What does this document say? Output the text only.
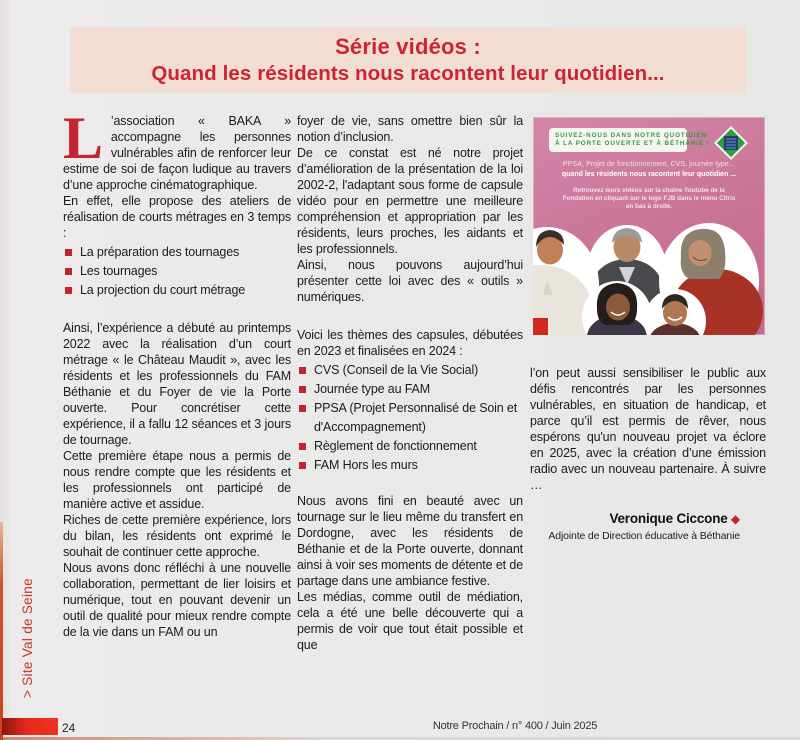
Série vidéos :
Quand les résidents nous racontent leur quotidien...

L ’association « BAKA » accompagne les personnes vulnérables afin de renforcer leur estime de soi de façon ludique au travers d’une approche cinématographique.

En effet, elle propose des ateliers de réalisation de courts métrages en 3 temps :

La préparation des tournages
Les tournages
La projection du court métrage

Ainsi, l’expérience a débuté au printemps 2022 avec la réalisation d’un court métrage « le Château Maudit », avec les résidents et les professionnels du FAM Béthanie et du Foyer de vie la Porte ouverte. Pour concrétiser cette expérience, il a fallu 12 séances et 3 jours de tournage.

Cette première étape nous a permis de nous rendre compte que les résidents et les professionnels ont participé de manière active et assidue.

Riches de cette première expérience, lors du bilan, les résidents ont exprimé le souhait de continuer cette approche.

Nous avons donc réfléchi à une nouvelle collaboration, permettant de lier loisirs et numérique, tout en pouvant devenir un outil de qualité pour mieux rendre compte de la vie dans un FAM ou un

foyer de vie, sans omettre bien sûr la notion d’inclusion.

De ce constat est né notre projet d’amélioration de la présentation de la loi 2002-2, l'adaptant sous forme de capsule vidéo pour en permettre une meilleure compréhension et appropriation par les résidents, leurs proches, les aidants et les professionnels.

Ainsi, nous pouvons aujourd’hui présenter cette loi avec des « outils » numériques.

Voici les thèmes des capsules, débutées en 2023 et finalisées en 2024 :

CVS (Conseil de la Vie Social)
Journée type au FAM
PPSA (Projet Personnalisé de Soin et d'Accompagnement)
Règlement de fonctionnement
FAM Hors les murs

Nous avons fini en beauté avec un tournage sur le lieu même du transfert en Dordogne, avec les résidents de Béthanie et de la Porte ouverte, donnant ainsi à voir ses moments de détente et de partage dans une ambiance festive.

Les médias, comme outil de médiation, cela a été une belle découverte qui a permis de voir que tout était possible et que

SUIVEZ-NOUS DANS NOTRE QUOTIDIEN
À LA PORTE OUVERTE ET À BÉTHANIE !
PPSA, Projet de fonctionnement, CVS, journée type...
quand les résidents nous racontent leur quotidien ...
Retrouvez leurs vidéos sur la chaîne Youtube de la Fondation en cliquant sur le logo FJB dans le menu Citrix en bas à droite.

l’on peut aussi sensibiliser le public aux défis rencontrés par les personnes vulnérables, en situation de handicap, et parce qu’il est permis de rêver, nous espérons qu'un nouveau projet va éclore en 2025, avec la création d’une émission radio avec un nouveau partenaire. À suivre …

Veronique Ciccone ◆
Adjointe de Direction éducative à Béthanie
> Site Val de Seine
24	Notre Prochain / n° 400 / Juin 2025
